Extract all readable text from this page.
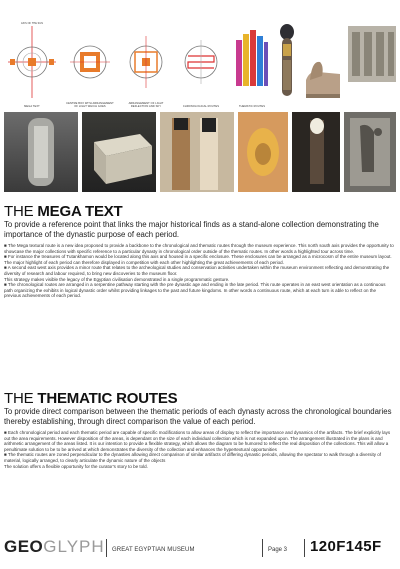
AXIS OF THE SUN
MEGA TEXT
CENTRE BOX WITH ARRANGEMENT OF LIGHT WHICH GOES
ARRANGEMENT OF LIGHT REFLECTION AND SKY	CHRONOLOGICAL ROUTES	THEMATIC ROUTES
THE MEGA TEXT

To provide a reference point that links the major historical finds as a stand-alone collection demonstrating the importance of the dynastic purpose of each period.

■ The Mega textural route is a new idea proposed to provide a backbone to the chronological and thematic routes through the museum experience. This north south axis provides the opportunity to showcase the major collections with specific reference to a particular dynasty in chronological order outside of the thematic routes. In other words a highlighted tour across time.

■ For instance the treasures of Tutankhamon would be located along this axis and housed in a specific enclosure. These enclosures can be arranged as a microcosm of the entire museum layout. The major highlight of each period can therefore displayed in competition with each other highlighting the great achievements of each period.

■ A second east west axis provides a minor route that relates to the archeological studies and conservation activities undertaken within the museum environment reflecting and demonstrating the diversity of research and labour required, to bring new discoveries to the museum floor.

This strategy makes visible the legacy of the Egyptian civilisation demonstrated in a single programmatic gesture.

■ The chronological routes are arranged in a serpentine pathway starting with the pre dynastic age and ending in the late period. This route operates in an east west orientation as a continuous path organizing the exhibits in logical dynastic order whilst providing linkages to the past and future kingdoms. In other words a continuous route, which at each turn is able to reflect on the previous achievements of each period.

THE THEMATIC ROUTES

To provide direct comparison between the thematic periods of each dynasty across the chronological boundaries thereby establishing, through direct comparison the value of each period.

■ Each chronological period and each thematic period are capable of specific modifications to allow areas of display to reflect the importance and dynamics of the artifacts. The brief explicitly lays out the area requirements. However disposition of the areas, is dependant on the size of each individual collection which is not expanded upon. The arrangement illustrated in the plans is and arithmetic arrangement of the areas listed. It is our intention to provide a flexible strategy, which allows the diagram to be humored to reflect the real disposition of the collections. This will allow a penultimate solution to be to be arrived at which demonstrates the diversity of the collection and enhances the hypertextural opportunities

■ The thematic routes are zoned perpendicular to the dynasties allowing direct comparison of similar artifacts of differing dynastic periods, allowing the spectator to walk through a diversity of material, logically arranged, to clearly articulate the dynamic nature of the objects

The solution offers a flexible opportunity for the curator's story to be told.

GEOGLYPH GREAT EGYPTIAN MUSEUM	Page 3 120F145F
